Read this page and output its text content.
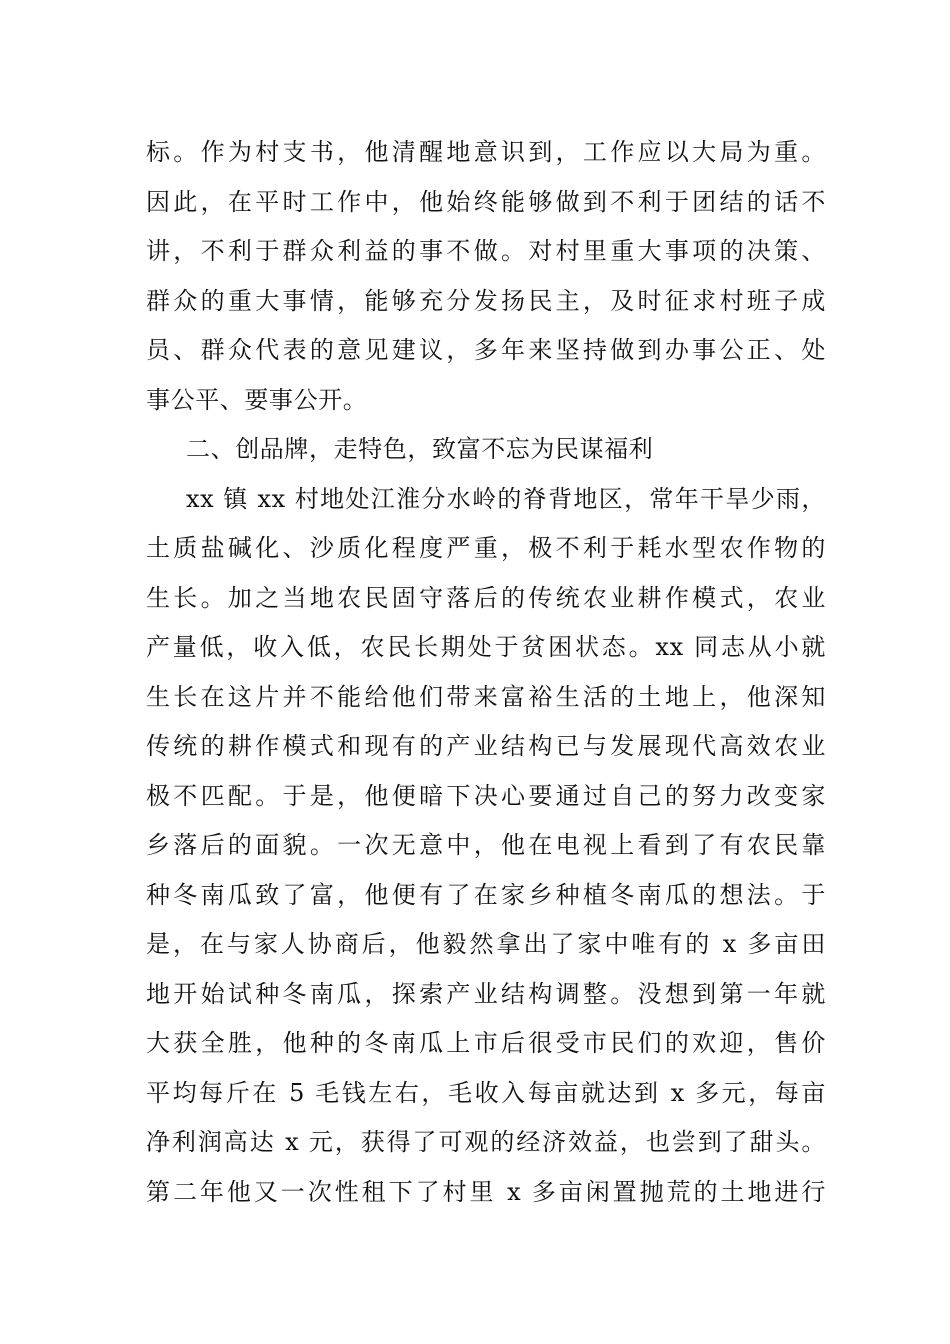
标。作为村支书，他清醒地意识到，工作应以大局为重。
因此，在平时工作中，他始终能够做到不利于团结的话不
讲，不利于群众利益的事不做。对村里重大事项的决策、
群众的重大事情，能够充分发扬民主，及时征求村班子成
员、群众代表的意见建议，多年来坚持做到办事公正、处
事公平、要事公开。
二、创品牌，走特色，致富不忘为民谋福利
xx 镇 xx 村地处江淮分水岭的脊背地区，常年干旱少雨，
土质盐碱化、沙质化程度严重，极不利于耗水型农作物的
生长。加之当地农民固守落后的传统农业耕作模式，农业
产量低，收入低，农民长期处于贫困状态。xx 同志从小就
生长在这片并不能给他们带来富裕生活的土地上，他深知
传统的耕作模式和现有的产业结构已与发展现代高效农业
极不匹配。于是，他便暗下决心要通过自己的努力改变家
乡落后的面貌。一次无意中，他在电视上看到了有农民靠
种冬南瓜致了富，他便有了在家乡种植冬南瓜的想法。于
是，在与家人协商后，他毅然拿出了家中唯有的 x 多亩田
地开始试种冬南瓜，探索产业结构调整。没想到第一年就
大获全胜，他种的冬南瓜上市后很受市民们的欢迎，售价
平均每斤在 5 毛钱左右，毛收入每亩就达到 x 多元，每亩
净利润高达 x 元，获得了可观的经济效益，也尝到了甜头。
第二年他又一次性租下了村里 x 多亩闲置抛荒的土地进行
